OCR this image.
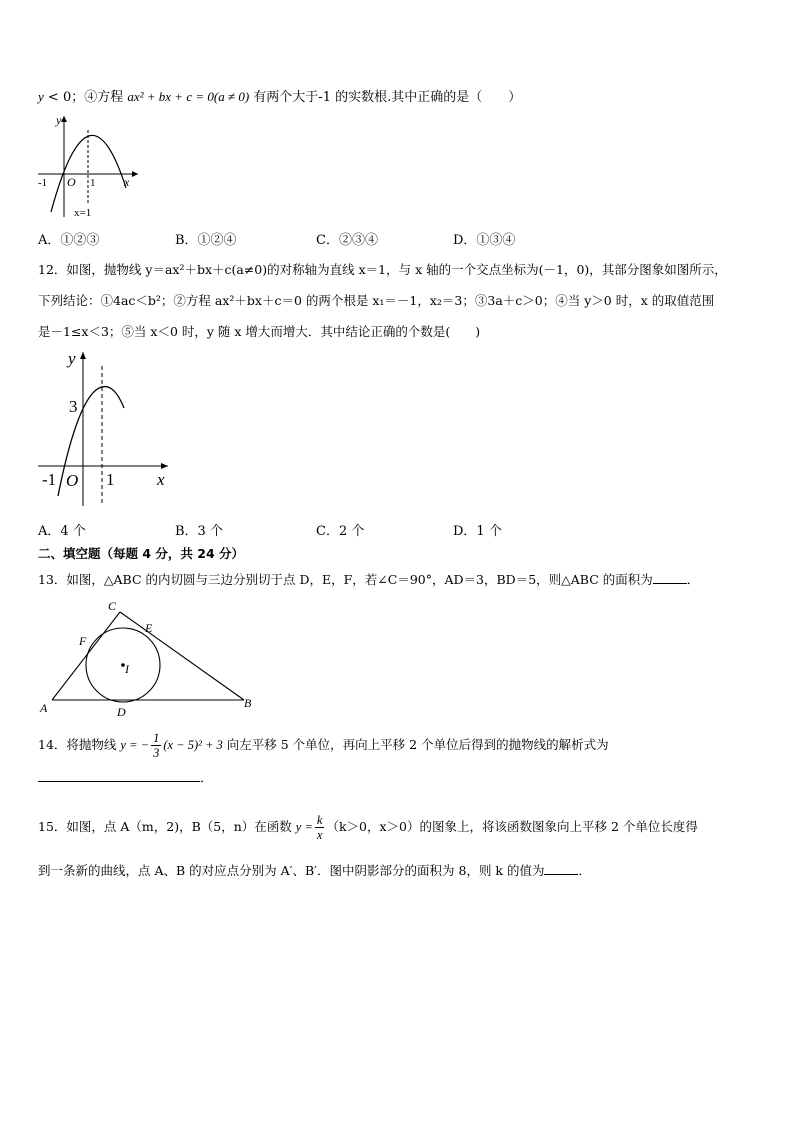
y < 0；④方程 ax² + bx + c = 0(a ≠ 0) 有两个大于-1 的实数根.其中正确的是（　　）
y
-1 O 1 x
x=1
A．①②③	B．①②④	C．②③④	D．①③④
12．如图，抛物线 y＝ax²＋bx＋c(a≠0)的对称轴为直线 x＝1，与 x 轴的一个交点坐标为(－1，0)，其部分图象如图所示，
下列结论：①4ac＜b²；②方程 ax²＋bx＋c＝0 的两个根是 x₁＝－1，x₂＝3；③3a＋c＞0；④当 y＞0 时，x 的取值范围
是－1≤x＜3；⑤当 x＜0 时，y 随 x 增大而增大．其中结论正确的个数是(　　)
y
3
-1 O 1	x
A．4 个	B．3 个	C．2 个	D．1 个
二、填空题（每题 4 分，共 24 分）
13．如图，△ABC 的内切圆与三边分别切于点 D，E，F，若∠C＝90°，AD＝3，BD＝5，则△ABC 的面积为	．
C
E
F
I
A	B
D
14．将抛物线 y = − $\frac{1}{3} (x - 5)^2 + 3$ 向左平移 5 个单位，再向上平移 2 个单位后得到的抛物线的解析式为
．
15．如图，点 A（m，2)，B（5，n）在函数 $y = \frac{k}{x} (k>0$，x＞0）的图象上，将该函数图象向上平移 2 个单位长度得
到一条新的曲线，点 A、B 的对应点分别为 A′、B′．图中阴影部分的面积为 8，则 k 的值为	．
